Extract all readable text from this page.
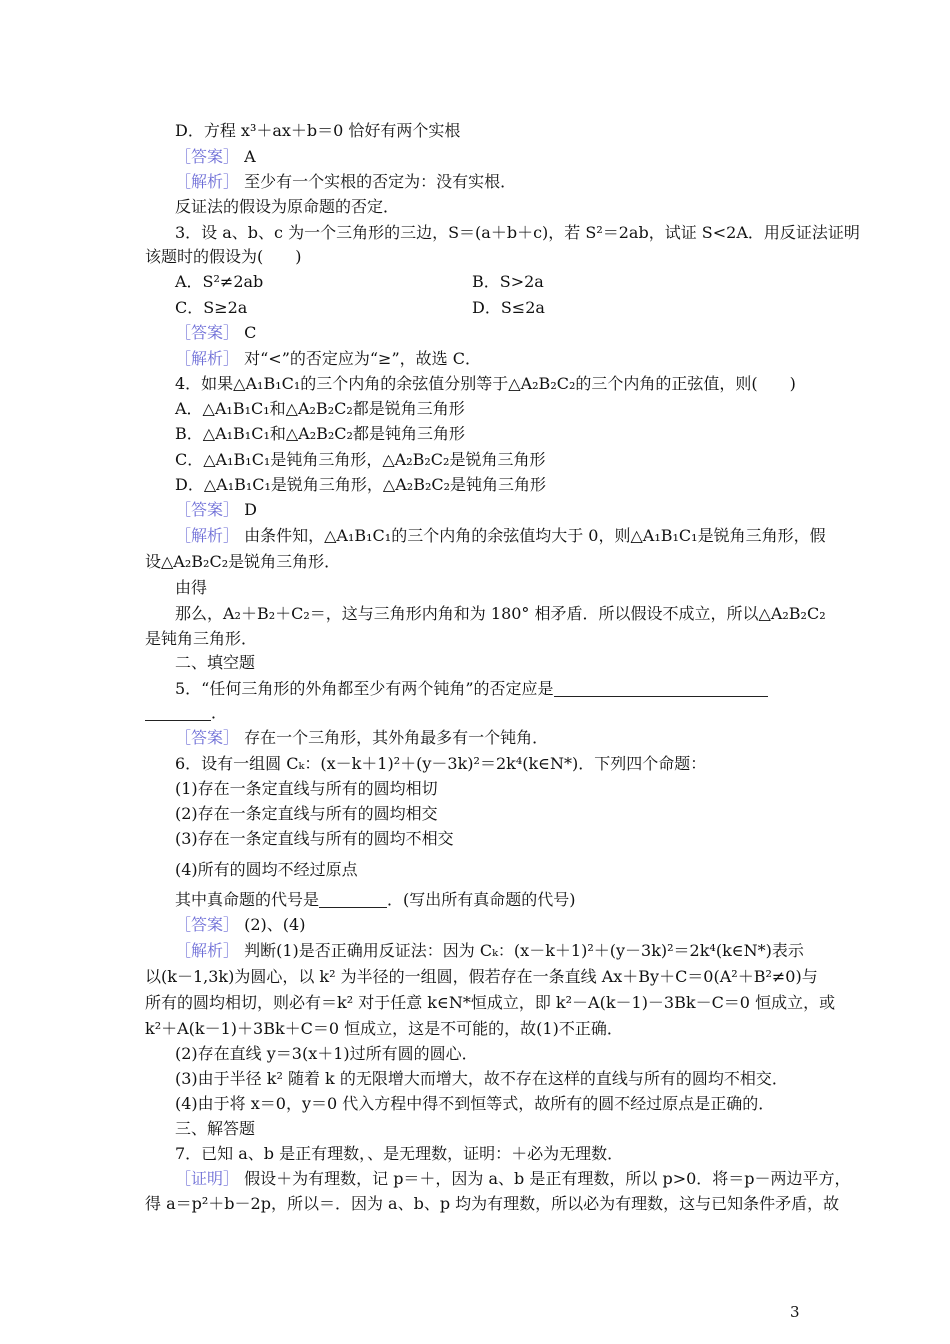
D．方程 x³＋ax＋b＝0 恰好有两个实根
［答案］ A
［解析］ 至少有一个实根的否定为：没有实根．
反证法的假设为原命题的否定．
3．设 a、b、c 为一个三角形的三边，S＝(a＋b＋c)，若 S²＝2ab，试证 S<2A．用反证法证明
该题时的假设为(　　)
A．S²≠2ab	B．S>2a
C．S≥2a	D．S≤2a
［答案］ C
［解析］ 对“<”的否定应为“≥”，故选 C．
4．如果△A₁B₁C₁的三个内角的余弦值分别等于△A₂B₂C₂的三个内角的正弦值，则(　　)
A．△A₁B₁C₁和△A₂B₂C₂都是锐角三角形
B．△A₁B₁C₁和△A₂B₂C₂都是钝角三角形
C．△A₁B₁C₁是钝角三角形，△A₂B₂C₂是锐角三角形
D．△A₁B₁C₁是锐角三角形，△A₂B₂C₂是钝角三角形
［答案］ D
［解析］ 由条件知，△A₁B₁C₁的三个内角的余弦值均大于 0，则△A₁B₁C₁是锐角三角形，假
设△A₂B₂C₂是锐角三角形．
由得
那么，A₂＋B₂＋C₂＝，这与三角形内角和为 180° 相矛盾．所以假设不成立，所以△A₂B₂C₂
是钝角三角形．
二、填空题
5．“任何三角形的外角都至少有两个钝角”的否定应是
．
［答案］ 存在一个三角形，其外角最多有一个钝角．
6．设有一组圆 Cₖ：(x－k＋1)²＋(y－3k)²＝2k⁴(k∈N*)．下列四个命题：
(1)存在一条定直线与所有的圆均相切
(2)存在一条定直线与所有的圆均相交
(3)存在一条定直线与所有的圆均不相交
(4)所有的圆均不经过原点
其中真命题的代号是	．(写出所有真命题的代号)
［答案］ (2)、(4)
［解析］ 判断(1)是否正确用反证法：因为 Cₖ：(x－k＋1)²＋(y－3k)²＝2k⁴(k∈N*)表示
以(k－1,3k)为圆心，以 k² 为半径的一组圆，假若存在一条直线 Ax＋By＋C＝0(A²＋B²≠0)与
所有的圆均相切，则必有＝k² 对于任意 k∈N*恒成立，即 k²－A(k－1)－3Bk－C＝0 恒成立，或
k²＋A(k－1)＋3Bk＋C＝0 恒成立，这是不可能的，故(1)不正确．
(2)存在直线 y＝3(x＋1)过所有圆的圆心．
(3)由于半径 k² 随着 k 的无限增大而增大，故不存在这样的直线与所有的圆均不相交．
(4)由于将 x＝0，y＝0 代入方程中得不到恒等式，故所有的圆不经过原点是正确的．
三、解答题
7．已知 a、b 是正有理数，、是无理数，证明：＋必为无理数．
［证明］ 假设＋为有理数，记 p＝＋，因为 a、b 是正有理数，所以 p>0．将＝p－两边平方，
得 a＝p²＋b－2p，所以＝．因为 a、b、p 均为有理数，所以必为有理数，这与已知条件矛盾，故
3
